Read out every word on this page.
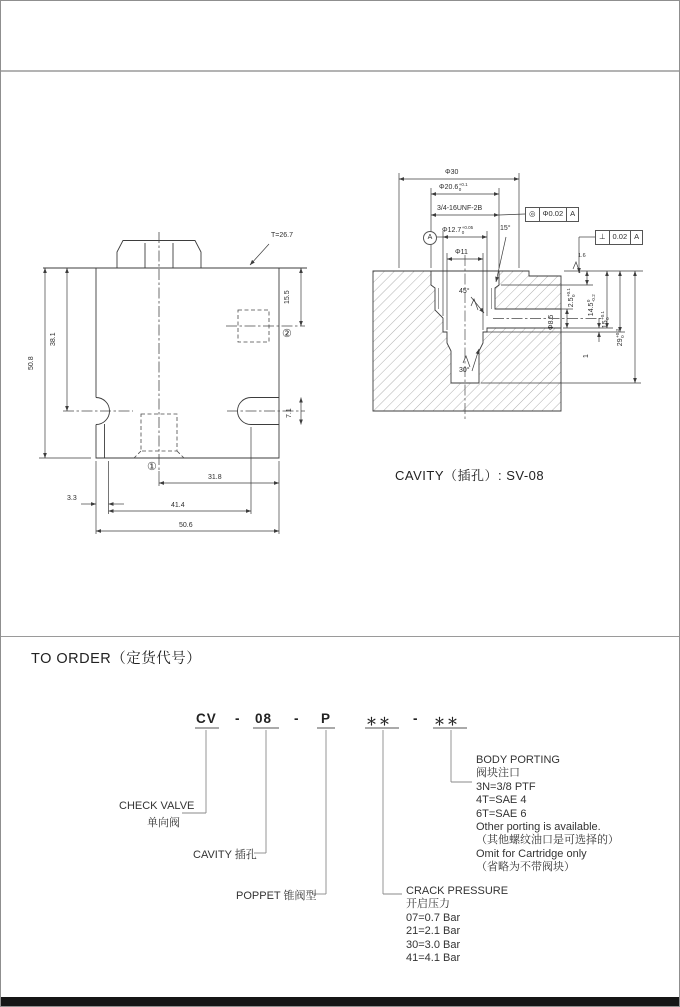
T=26.7
50.8
38.1
15.5
7.1
31.8
3.3
41.4
50.6
①
②
Φ30
Φ20.6 +0.1
0
3/4-16UNF-2B
Φ12.7 +0.05
0
Φ11
15°
45°
30°
1.6
Φ8.5
2.5
+0.1 0
14.5
0 -0.2
15
+0.1 0
29
+0.3 0
1
A
◎ Φ0.02 A
⊥ 0.02 A
CAVITY（插孔）: SV-08
TO ORDER（定货代号）
CV - 08 - P	＊＊ - ＊＊
CHECK VALVE
单向阀
CAVITY 插孔
POPPET 锥阀型
BODY PORTING
阀块注口
3N=3/8 PTF
4T=SAE 4
6T=SAE 6
Other porting is available.
（其他螺纹油口是可选择的）
Omit for Cartridge only
（省略为不带阀块）
CRACK PRESSURE
开启压力
07=0.7 Bar
21=2.1 Bar
30=3.0 Bar
41=4.1 Bar
